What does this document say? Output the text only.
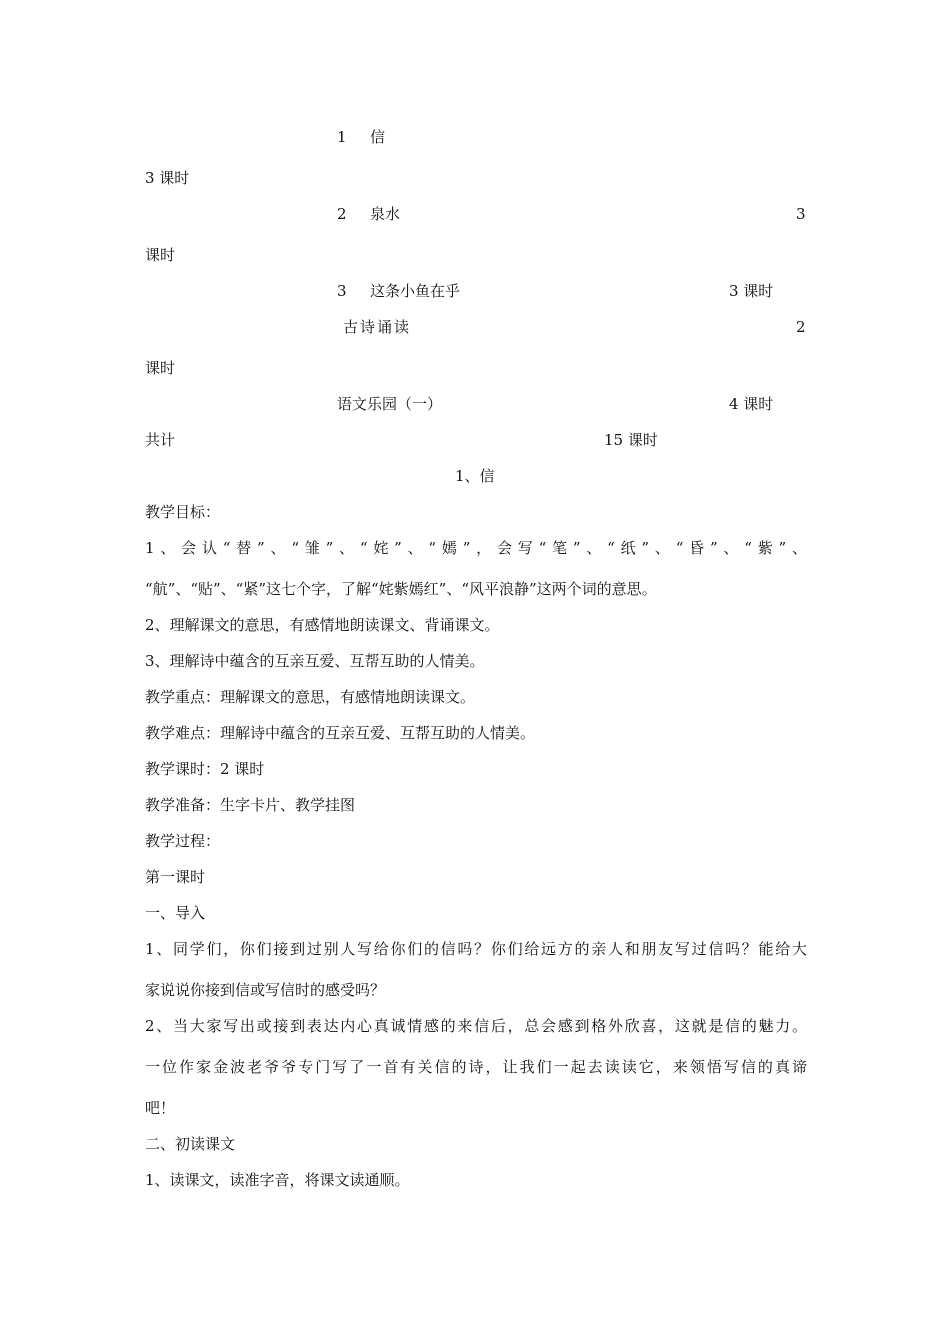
1 信
3 课时
2 泉水	3
课时
3 这条小鱼在乎	3 课时
古诗诵读	2
课时
语文乐园（一）	4 课时
共计	15 课时
1、信
教学目标：
1、会认“替”、“雏”、“姹”、“嫣”，会写“笔”、“纸”、“昏”、“紫”、
“航”、“贴”、“紧”这七个字，了解“姹紫嫣红”、“风平浪静”这两个词的意思。
2、理解课文的意思，有感情地朗读课文、背诵课文。
3、理解诗中蕴含的互亲互爱、互帮互助的人情美。
教学重点：理解课文的意思，有感情地朗读课文。
教学难点：理解诗中蕴含的互亲互爱、互帮互助的人情美。
教学课时：2 课时
教学准备：生字卡片、教学挂图
教学过程：
第一课时
一、导入
1、同学们，你们接到过别人写给你们的信吗？你们给远方的亲人和朋友写过信吗？能给大
家说说你接到信或写信时的感受吗？
2、当大家写出或接到表达内心真诚情感的来信后，总会感到格外欣喜，这就是信的魅力。
一位作家金波老爷爷专门写了一首有关信的诗，让我们一起去读读它，来领悟写信的真谛
吧！
二、初读课文
1、读课文，读准字音，将课文读通顺。
